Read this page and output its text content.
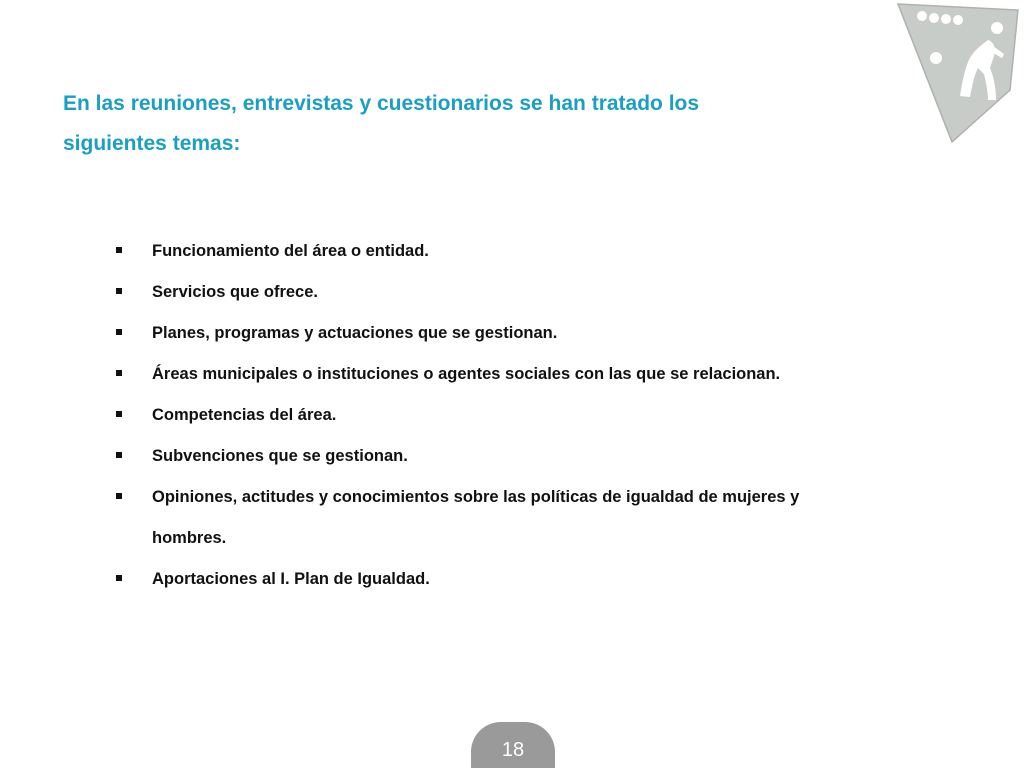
En las reuniones, entrevistas y cuestionarios se han tratado los
siguientes temas:
Funcionamiento del área o entidad.
Servicios que ofrece.
Planes, programas y actuaciones que se gestionan.
Áreas municipales o instituciones o agentes sociales con las que se relacionan.
Competencias del área.
Subvenciones que se gestionan.
Opiniones, actitudes y conocimientos sobre las políticas de igualdad de mujeres y
hombres.
Aportaciones al I. Plan de Igualdad.
18
